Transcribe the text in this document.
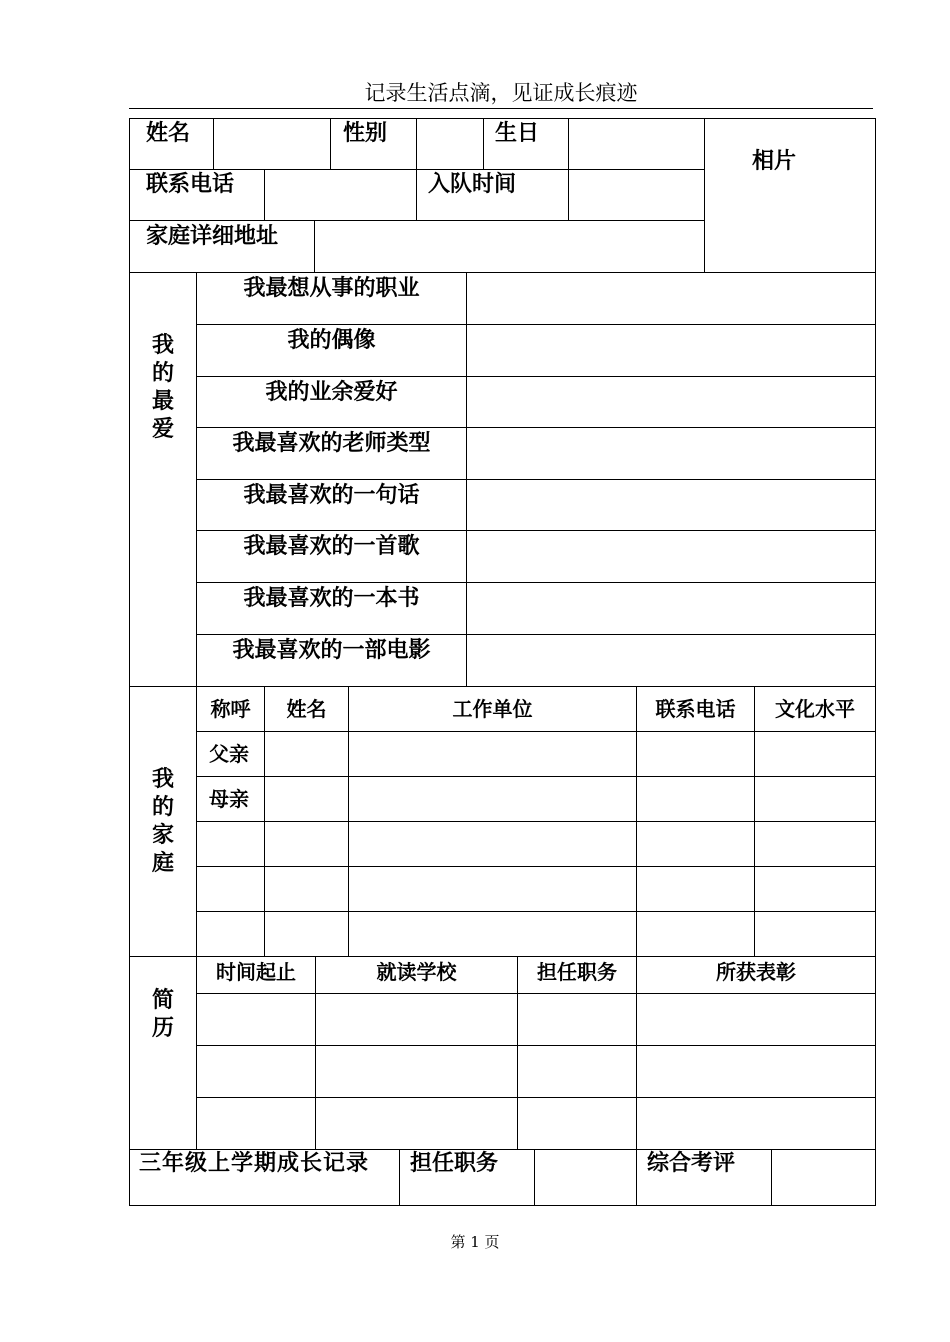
记录生活点滴，见证成长痕迹
姓名	性别	生日
联系电话	入队时间
家庭详细地址
相片
我的最爱
我最想从事的职业
我的偶像
我的业余爱好
我最喜欢的老师类型
我最喜欢的一句话
我最喜欢的一首歌
我最喜欢的一本书
我最喜欢的一部电影
我的家庭
称呼	姓名	工作单位	联系电话	文化水平
父亲
母亲
简历
时间起止	就读学校	担任职务	所获表彰
三年级上学期成长记录	担任职务	综合考评
第 1 页
